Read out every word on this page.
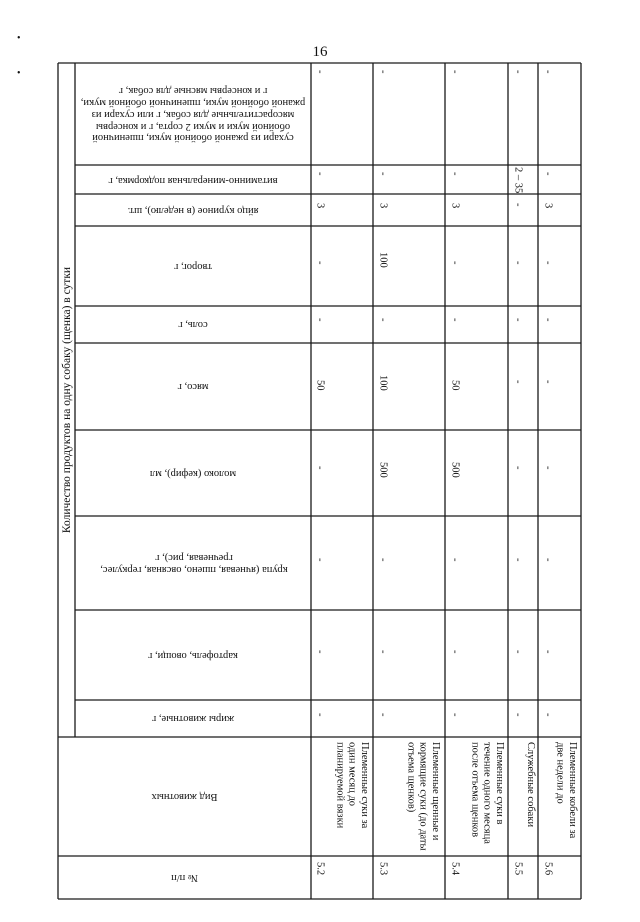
16
•
•
Количество продуктов на одну собаку (щенка) в сутки
сухари из ржаной обойной муки, пшеничной обойной муки и муки 2 сорта, г и консервы мясорастительные для собак, г или сухари из ржаной обойной муки, пшеничной обойной муки, г и консервы мясные для собак, г
витаминно-минеральная подкормка, г
яйцо куриное (в неделю), шт.
творог, г
соль, г
мясо, г
молоко (кефир), мл
крупа (ячневая, пшено, овсяная, геркулес, гречневая, рис), г
картофель, овощи, г
жиры животные, г
Вид животных
№ п/п
-
-
3
-
-
50
-
-
-
-
Племенные суки за один месяц до планируемой вязки
5.2
-
-
3
100
-
100
500
-
-
-
Племенные щенные и кормящие суки (до даты отъема щенков)
5.3
-
-
3
-
-
50
500
-
-
-
Племенные суки в течение одного месяца после отъема щенков
5.4
-
2 – 35
-
-
-
-
-
-
-
-
Служебные собаки
5.5
-
-
3
-
-
-
-
-
-
-
Племенные кобели за две недели до
5.6
